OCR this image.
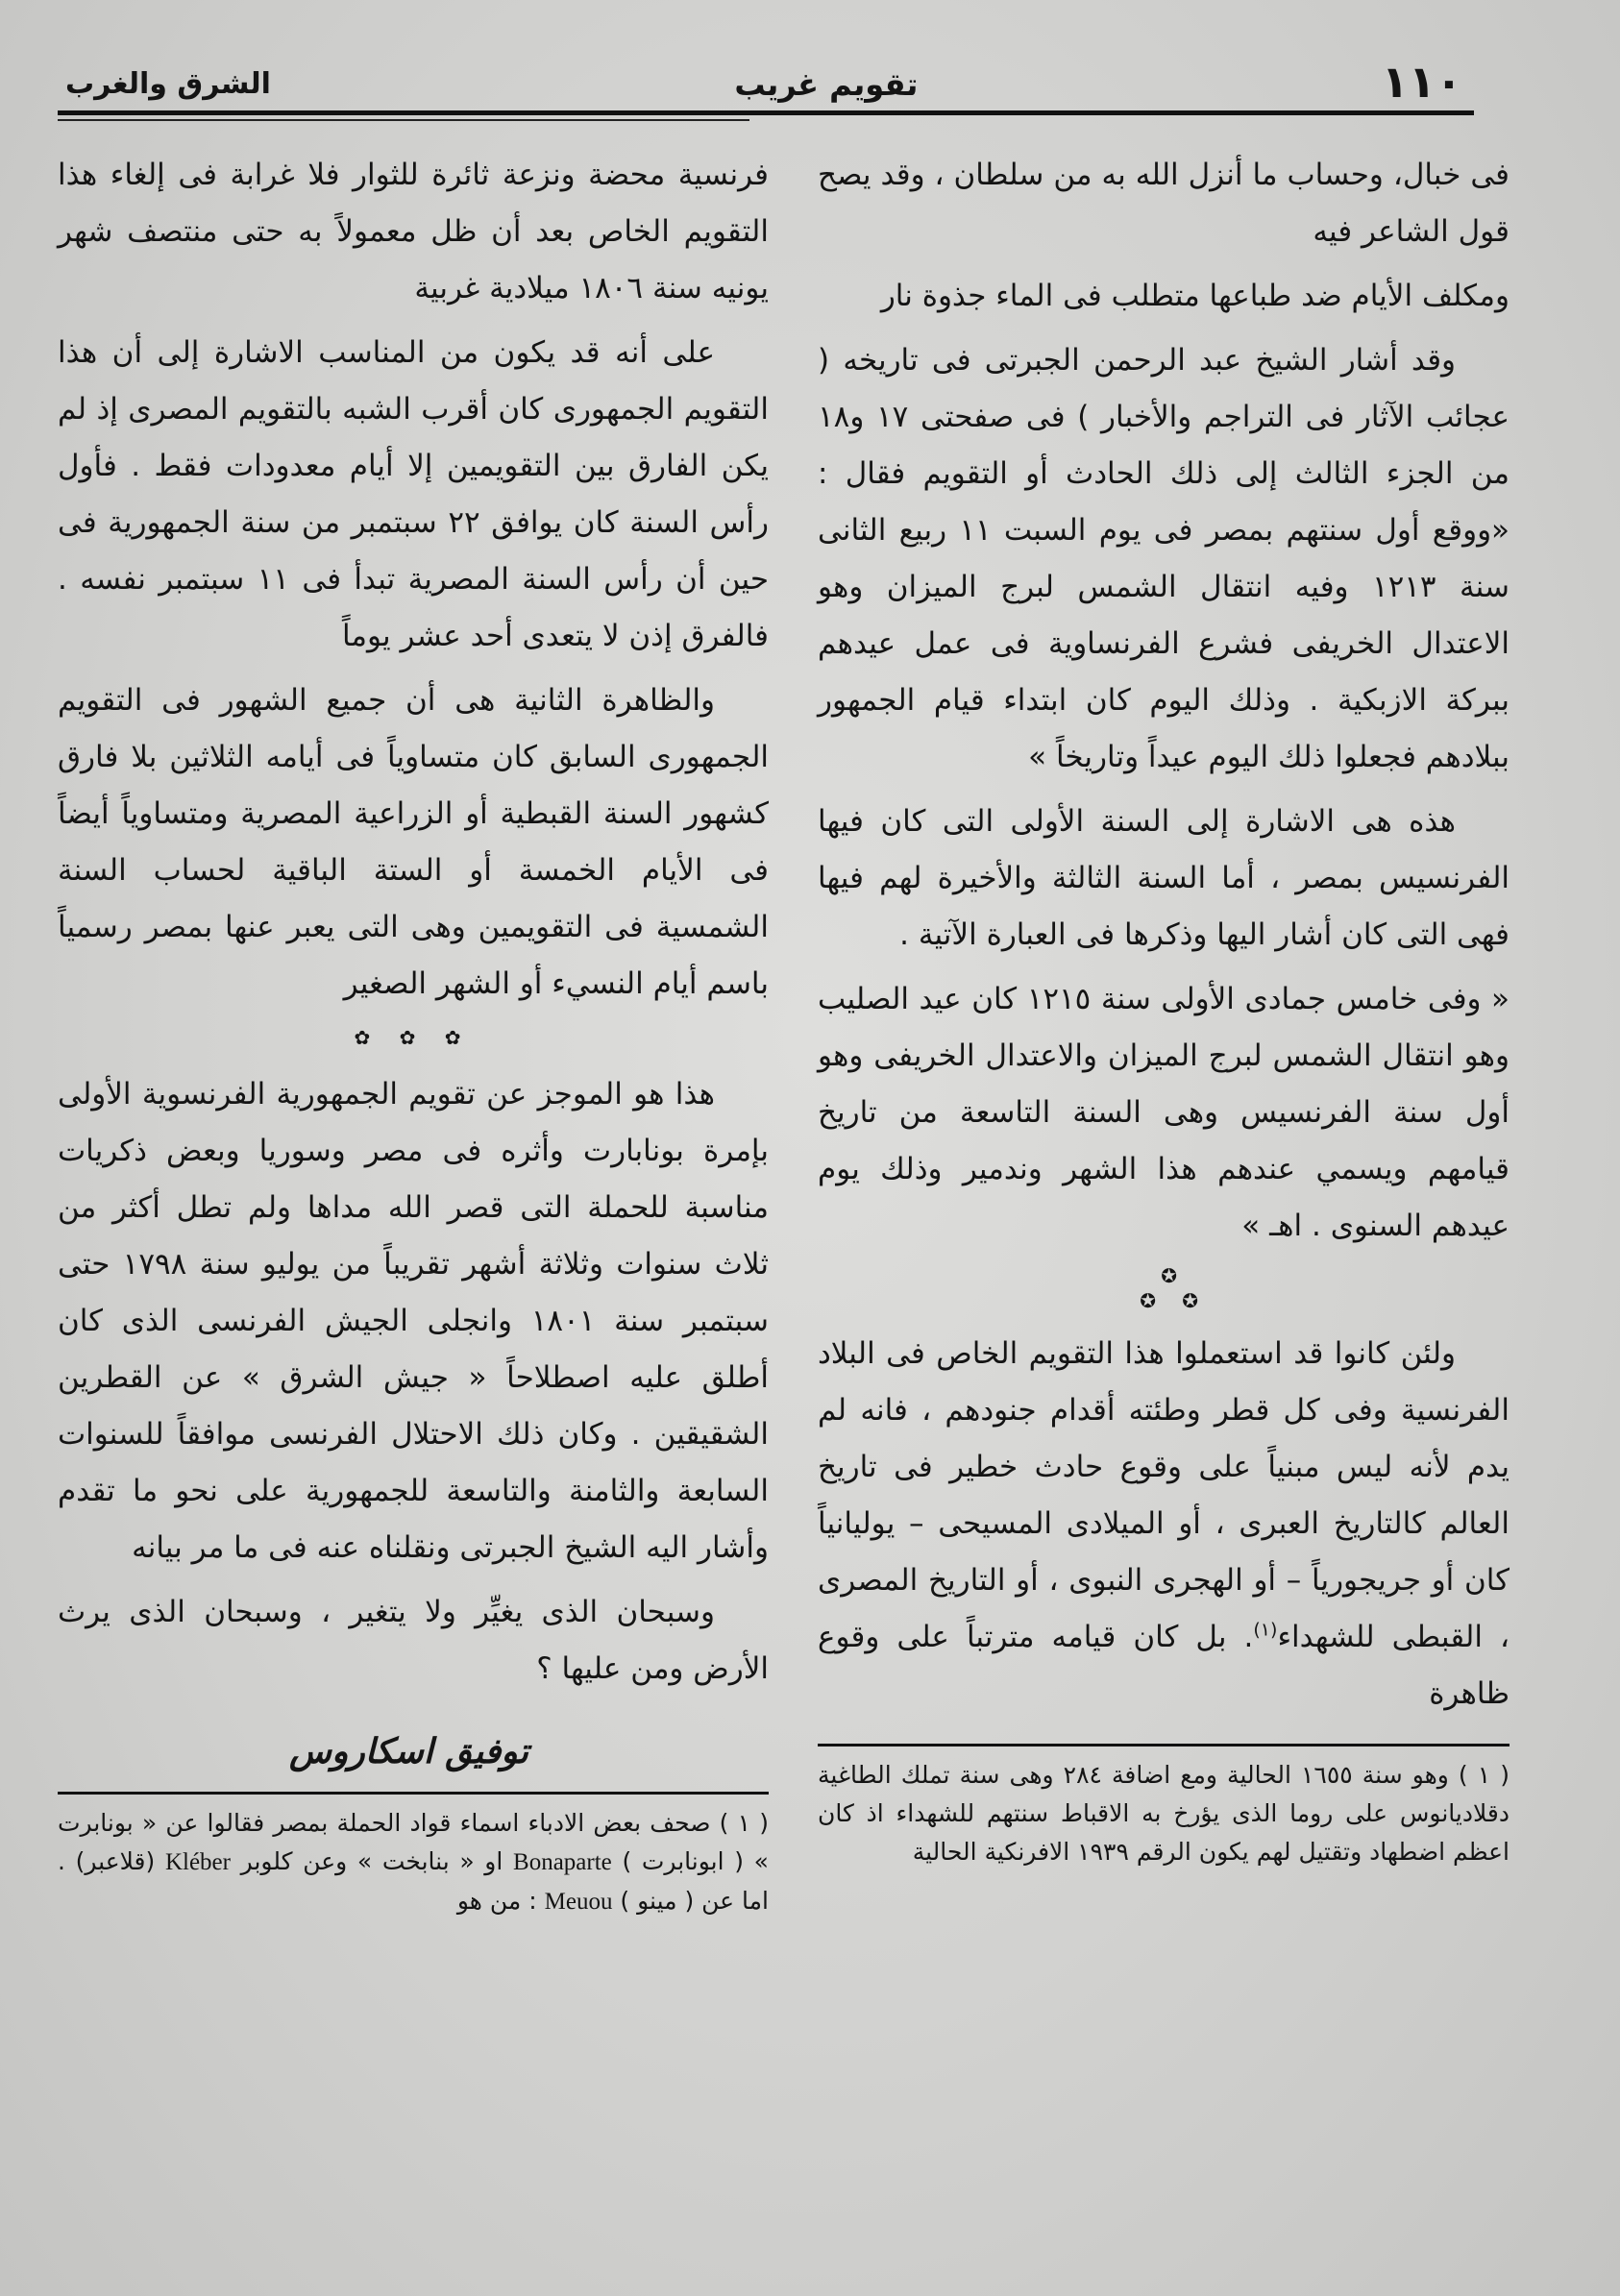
١١٠
تقويم غريب
الشرق والغرب

فى خبال، وحساب ما أنزل الله به من سلطان ، وقد يصح قول الشاعر فيه

ومكلف الأيام ضد طباعها متطلب فى الماء جذوة نار

وقد أشار الشيخ عبد الرحمن الجبرتى فى تاريخه ( عجائب الآثار فى التراجم والأخبار ) فى صفحتى ١٧ و١٨ من الجزء الثالث إلى ذلك الحادث أو التقويم فقال : «ووقع أول سنتهم بمصر فى يوم السبت ١١ ربيع الثانى سنة ١٢١٣ وفيه انتقال الشمس لبرج الميزان وهو الاعتدال الخريفى فشرع الفرنساوية فى عمل عيدهم ببركة الازبكية . وذلك اليوم كان ابتداء قيام الجمهور ببلادهم فجعلوا ذلك اليوم عيداً وتاريخاً »

هذه هى الاشارة إلى السنة الأولى التى كان فيها الفرنسيس بمصر ، أما السنة الثالثة والأخيرة لهم فيها فهى التى كان أشار اليها وذكرها فى العبارة الآتية .

« وفى خامس جمادى الأولى سنة ١٢١٥ كان عيد الصليب وهو انتقال الشمس لبرج الميزان والاعتدال الخريفى وهو أول سنة الفرنسيس وهى السنة التاسعة من تاريخ قيامهم ويسمي عندهم هذا الشهر وندمير وذلك يوم عيدهم السنوى . اهـ »

✪
✪ ✪

ولئن كانوا قد استعملوا هذا التقويم الخاص فى البلاد الفرنسية وفى كل قطر وطئته أقدام جنودهم ، فانه لم يدم لأنه ليس مبنياً على وقوع حادث خطير فى تاريخ العالم كالتاريخ العبرى ، أو الميلادى المسيحى – يوليانياً كان أو جريجورياً – أو الهجرى النبوى ، أو التاريخ المصرى ، القبطى للشهداء$^{(١)}$. بل كان قيامه مترتباً على وقوع ظاهرة

( ١ ) وهو سنة ١٦٥٥ الحالية ومع اضافة ٢٨٤ وهى سنة تملك الطاغية دقلاديانوس على روما الذى يؤرخ به الاقباط سنتهم للشهداء اذ كان اعظم اضطهاد وتقتيل لهم يكون الرقم ١٩٣٩ الافرنكية الحالية

فرنسية محضة ونزعة ثائرة للثوار فلا غرابة فى إلغاء هذا التقويم الخاص بعد أن ظل معمولاً به حتى منتصف شهر يونيه سنة ١٨٠٦ ميلادية غربية

على أنه قد يكون من المناسب الاشارة إلى أن هذا التقويم الجمهورى كان أقرب الشبه بالتقويم المصرى إذ لم يكن الفارق بين التقويمين إلا أيام معدودات فقط . فأول رأس السنة كان يوافق ٢٢ سبتمبر من سنة الجمهورية فى حين أن رأس السنة المصرية تبدأ فى ١١ سبتمبر نفسه . فالفرق إذن لا يتعدى أحد عشر يوماً

والظاهرة الثانية هى أن جميع الشهور فى التقويم الجمهورى السابق كان متساوياً فى أيامه الثلاثين بلا فارق كشهور السنة القبطية أو الزراعية المصرية ومتساوياً أيضاً فى الأيام الخمسة أو الستة الباقية لحساب السنة الشمسية فى التقويمين وهى التى يعبر عنها بمصر رسمياً باسم أيام النسيء أو الشهر الصغير

✿ ✿ ✿

هذا هو الموجز عن تقويم الجمهورية الفرنسوية الأولى بإمرة بونابارت وأثره فى مصر وسوريا وبعض ذكريات مناسبة للحملة التى قصر الله مداها ولم تطل أكثر من ثلاث سنوات وثلاثة أشهر تقريباً من يوليو سنة ١٧٩٨ حتى سبتمبر سنة ١٨٠١ وانجلى الجيش الفرنسى الذى كان أطلق عليه اصطلاحاً « جيش الشرق » عن القطرين الشقيقين . وكان ذلك الاحتلال الفرنسى موافقاً للسنوات السابعة والثامنة والتاسعة للجمهورية على نحو ما تقدم وأشار اليه الشيخ الجبرتى ونقلناه عنه فى ما مر بيانه

وسبحان الذى يغيِّر ولا يتغير ، وسبحان الذى يرث الأرض ومن عليها ؟

توفيق اسكاروس
( ١ ) صحف بعض الادباء اسماء قواد الحملة بمصر فقالوا عن « بونابرت » ( ابونابرت ) Bonaparte او « بنابخت » وعن كلوبر Kléber (قلاعبر) . اما عن ( مينو ) Meuou : من هو
